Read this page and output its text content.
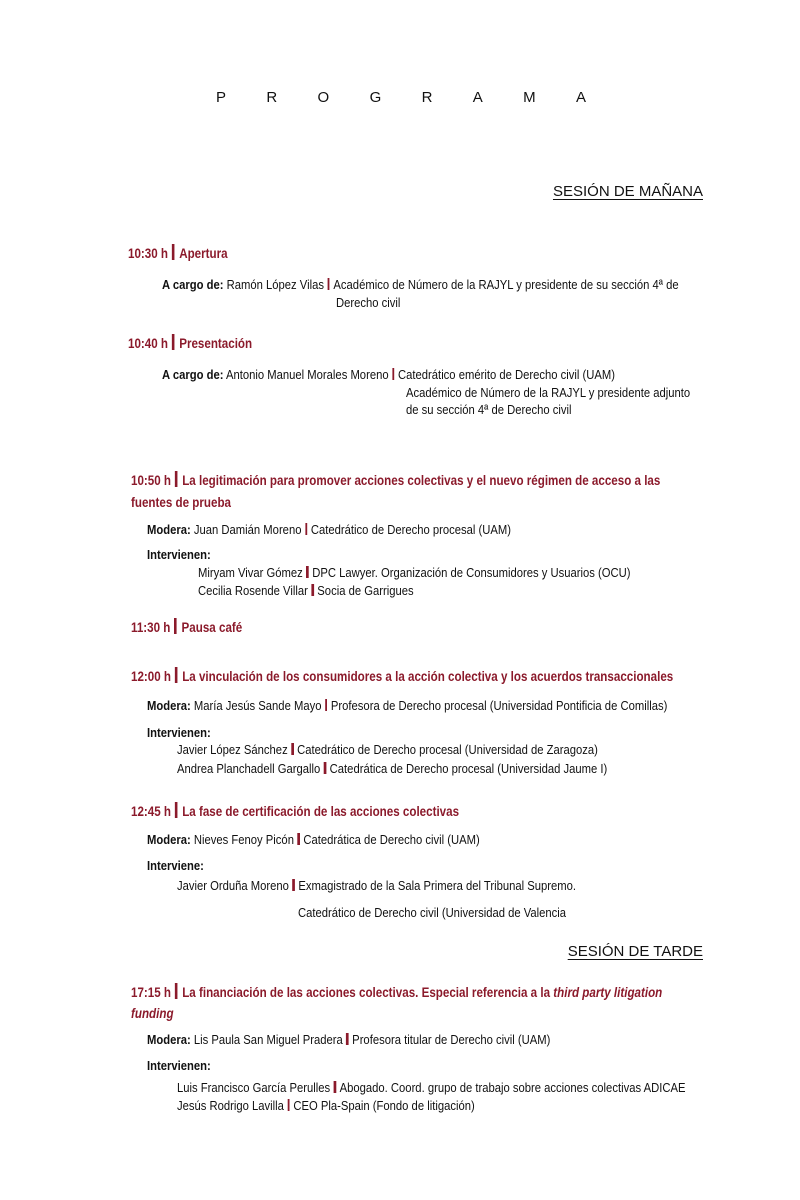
P	R	O	G	R	A	M	A
SESIÓN DE MAÑANA
10:30 h Apertura
A cargo de: Ramón López Vilas Académico de Número de la RAJYL y presidente de su sección 4ª de
Derecho civil
10:40 h Presentación
A cargo de: Antonio Manuel Morales Moreno Catedrático emérito de Derecho civil (UAM)
Académico de Número de la RAJYL y presidente adjunto
de su sección 4ª de Derecho civil
10:50 h La legitimación para promover acciones colectivas y el nuevo régimen de acceso a las
fuentes de prueba
Modera: Juan Damián Moreno Catedrático de Derecho procesal (UAM)
Intervienen:
Miryam Vivar Gómez DPC Lawyer. Organización de Consumidores y Usuarios (OCU)
Cecilia Rosende Villar Socia de Garrigues
11:30 h Pausa café
12:00 h La vinculación de los consumidores a la acción colectiva y los acuerdos transaccionales
Modera: María Jesús Sande Mayo Profesora de Derecho procesal (Universidad Pontificia de Comillas)
Intervienen:
Javier López Sánchez Catedrático de Derecho procesal (Universidad de Zaragoza)
Andrea Planchadell Gargallo Catedrática de Derecho procesal (Universidad Jaume I)
12:45 h La fase de certificación de las acciones colectivas
Modera: Nieves Fenoy Picón Catedrática de Derecho civil (UAM)
Interviene:
Javier Orduña Moreno Exmagistrado de la Sala Primera del Tribunal Supremo.
Catedrático de Derecho civil (Universidad de Valencia
SESIÓN DE TARDE
17:15 h La financiación de las acciones colectivas. Especial referencia a la third party litigation
funding
Modera: Lis Paula San Miguel Pradera Profesora titular de Derecho civil (UAM)
Intervienen:
Luis Francisco García Perulles Abogado. Coord. grupo de trabajo sobre acciones colectivas ADICAE
Jesús Rodrigo Lavilla CEO Pla-Spain (Fondo de litigación)
